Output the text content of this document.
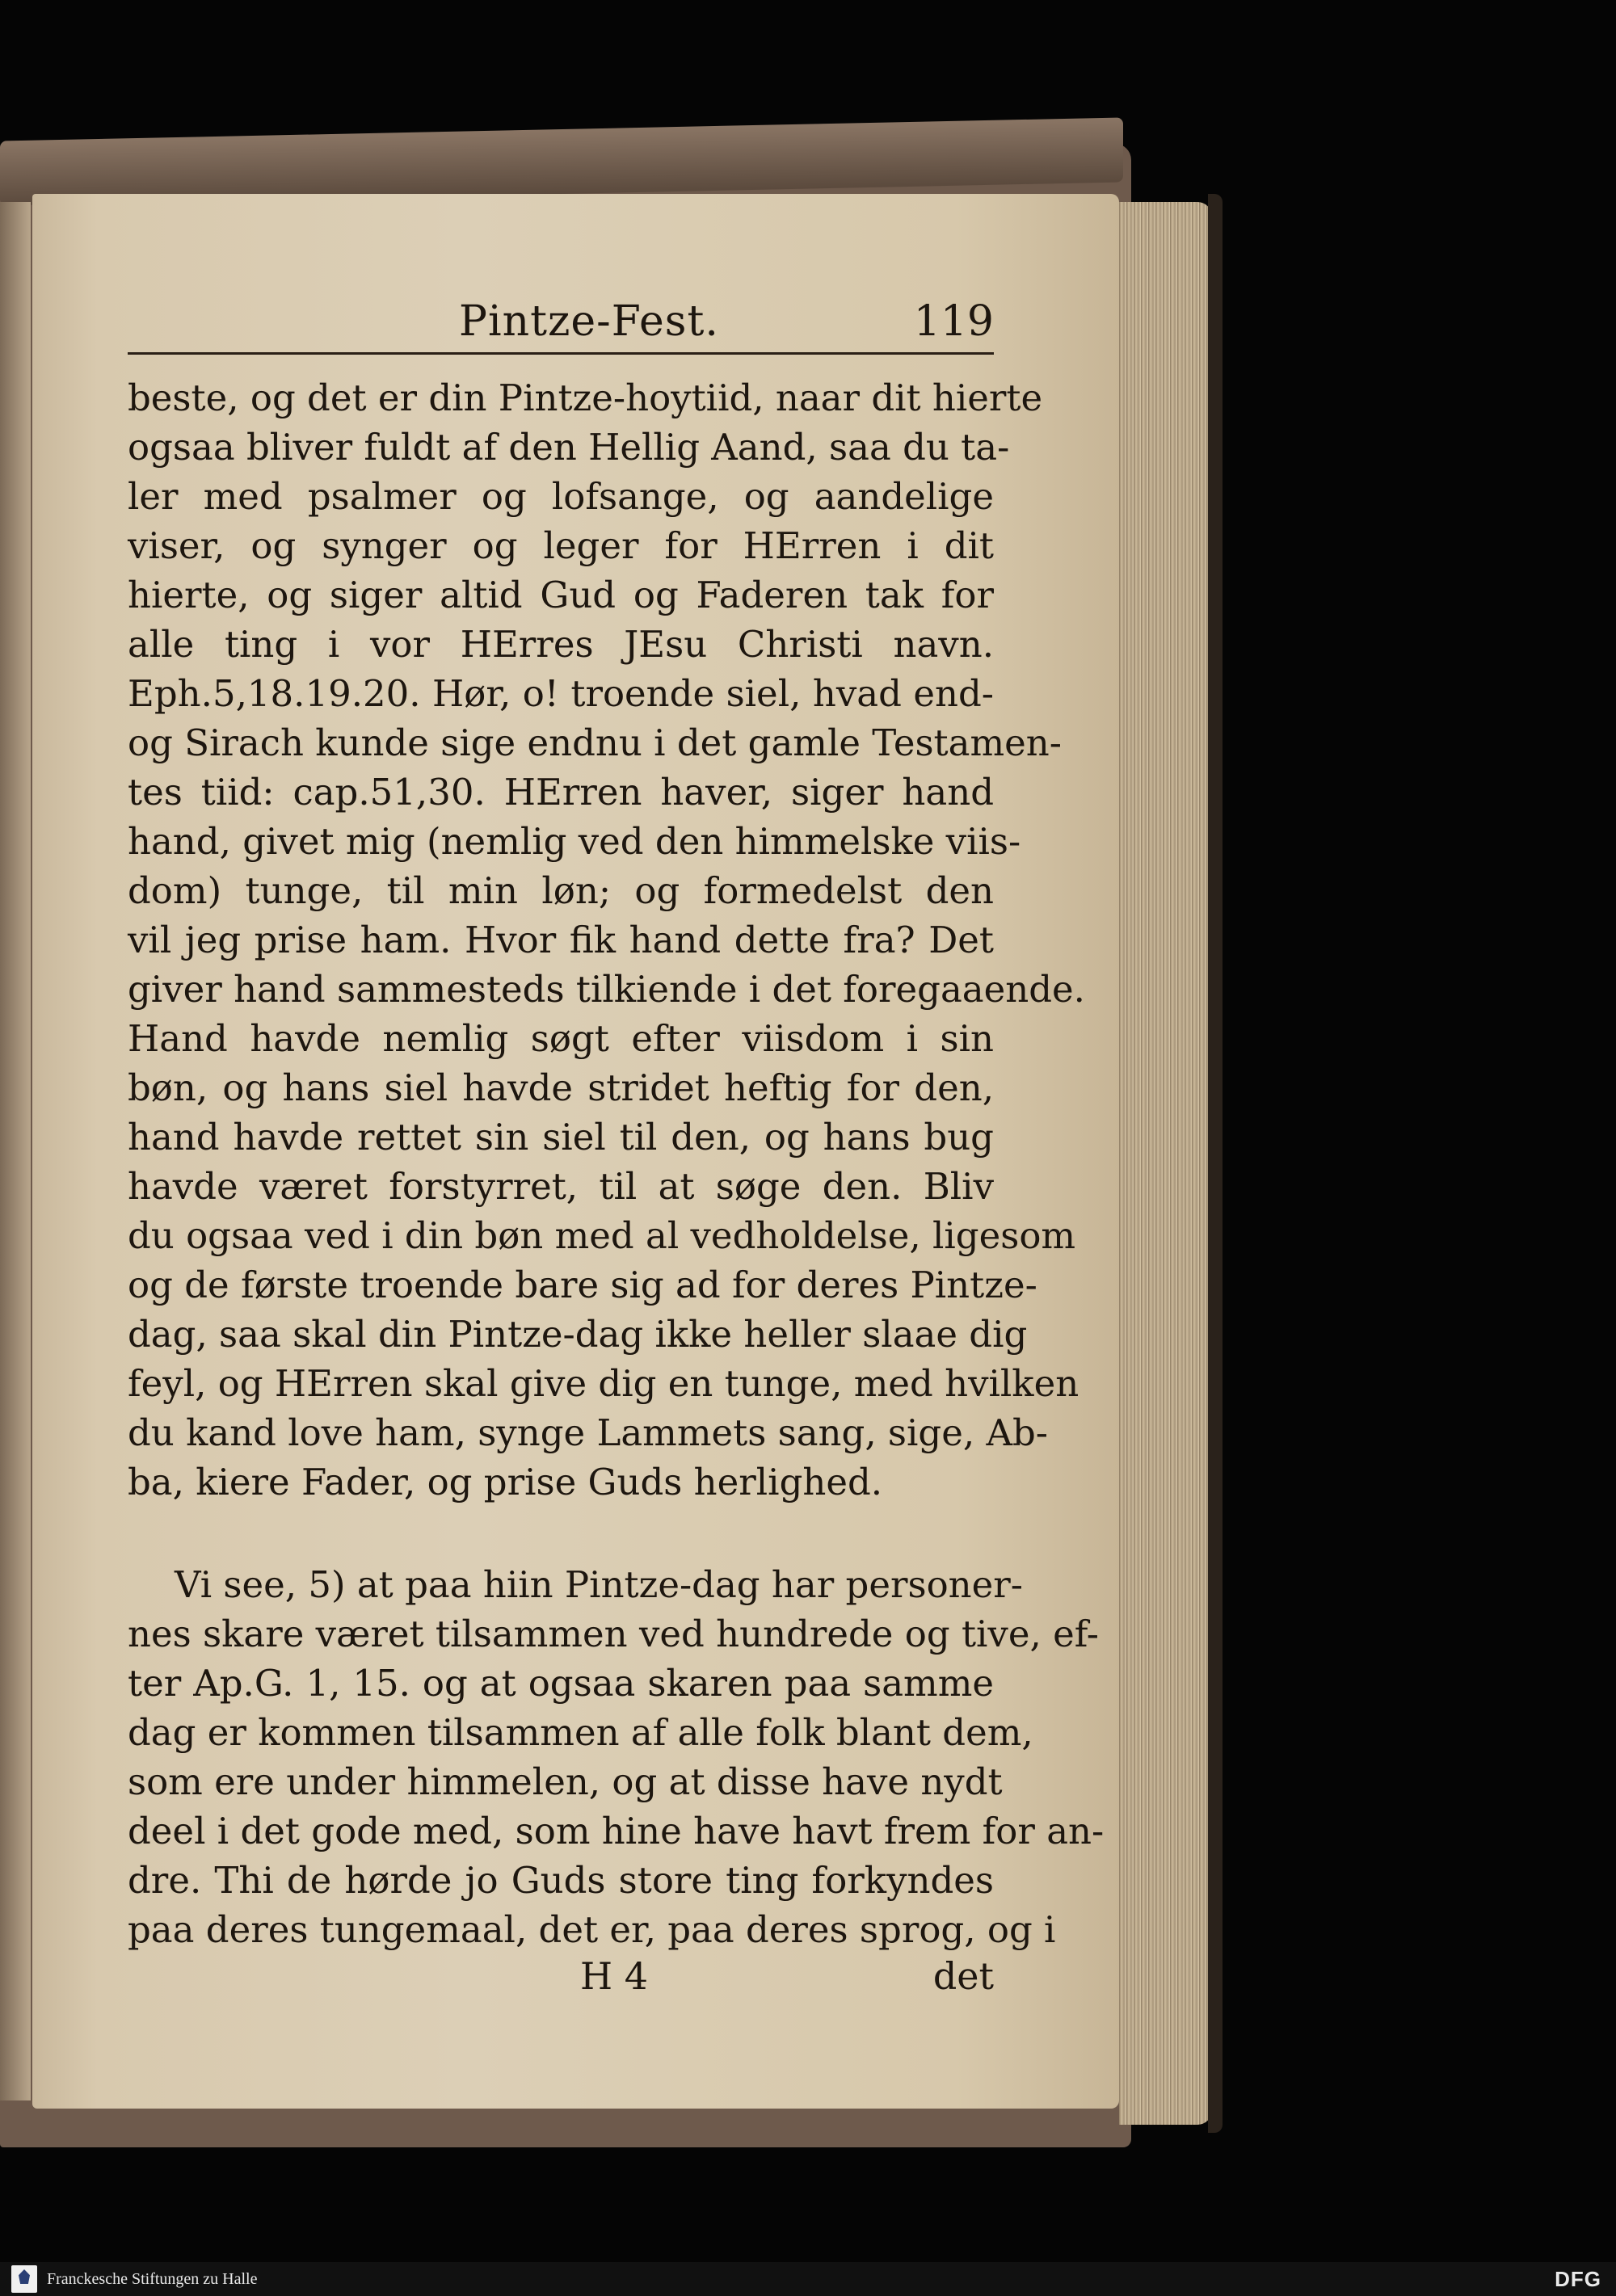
Pintze-Fest.	119
beste, og det er din Pintze-hoytiid, naar dit hierte
ogsaa bliver fuldt af den Hellig Aand, saa du ta-
ler med psalmer og lofsange, og aandelige
viser, og synger og leger for HErren i dit
hierte, og siger altid Gud og Faderen tak for
alle ting i vor HErres JEsu Christi navn.
Eph.5,18.19.20. Hør, o! troende siel, hvad end-
og Sirach kunde sige endnu i det gamle Testamen-
tes tiid: cap.51,30. HErren haver, siger hand
hand, givet mig (nemlig ved den himmelske viis-
dom) tunge, til min løn; og formedelst den
vil jeg prise ham. Hvor fik hand dette fra? Det
giver hand sammesteds tilkiende i det foregaaende.
Hand havde nemlig søgt efter viisdom i sin
bøn, og hans siel havde stridet heftig for den,
hand havde rettet sin siel til den, og hans bug
havde været forstyrret, til at søge den. Bliv
du ogsaa ved i din bøn med al vedholdelse, ligesom
og de første troende bare sig ad for deres Pintze-
dag, saa skal din Pintze-dag ikke heller slaae dig
feyl, og HErren skal give dig en tunge, med hvilken
du kand love ham, synge Lammets sang, sige, Ab-
ba, kiere Fader, og prise Guds herlighed.
Vi see, 5) at paa hiin Pintze-dag har personer-
nes skare været tilsammen ved hundrede og tive, ef-
ter Ap.G. 1, 15. og at ogsaa skaren paa samme
dag er kommen tilsammen af alle folk blant dem,
som ere under himmelen, og at disse have nydt
deel i det gode med, som hine have havt frem for an-
dre. Thi de hørde jo Guds store ting forkyndes
paa deres tungemaal, det er, paa deres sprog, og i
H 4	det
Franckesche Stiftungen zu Halle	DFG
